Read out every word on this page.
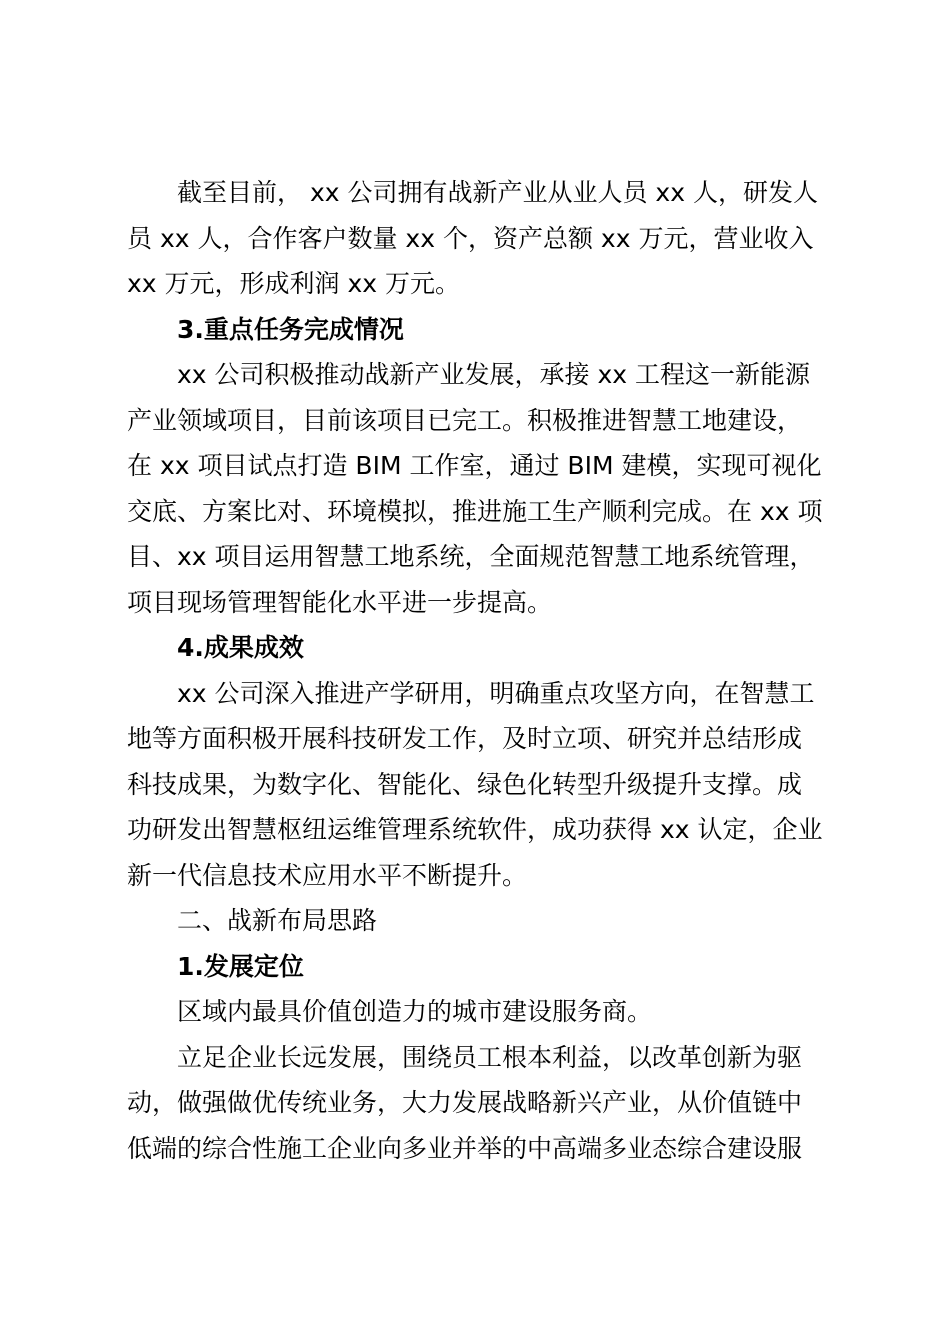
截至目前， xx 公司拥有战新产业从业人员 xx 人，研发人
员 xx 人，合作客户数量 xx 个，资产总额 xx 万元，营业收入
xx 万元，形成利润 xx 万元。
3.重点任务完成情况
xx 公司积极推动战新产业发展，承接 xx 工程这一新能源
产业领域项目，目前该项目已完工。积极推进智慧工地建设，
在 xx 项目试点打造 BIM 工作室，通过 BIM 建模，实现可视化
交底、方案比对、环境模拟，推进施工生产顺利完成。在 xx 项
目、xx 项目运用智慧工地系统，全面规范智慧工地系统管理，
项目现场管理智能化水平进一步提高。
4.成果成效
xx 公司深入推进产学研用，明确重点攻坚方向，在智慧工
地等方面积极开展科技研发工作，及时立项、研究并总结形成
科技成果，为数字化、智能化、绿色化转型升级提升支撑。成
功研发出智慧枢纽运维管理系统软件，成功获得 xx 认定，企业
新一代信息技术应用水平不断提升。
二、战新布局思路
1.发展定位
区域内最具价值创造力的城市建设服务商。
立足企业长远发展，围绕员工根本利益，以改革创新为驱
动，做强做优传统业务，大力发展战略新兴产业，从价值链中
低端的综合性施工企业向多业并举的中高端多业态综合建设服
